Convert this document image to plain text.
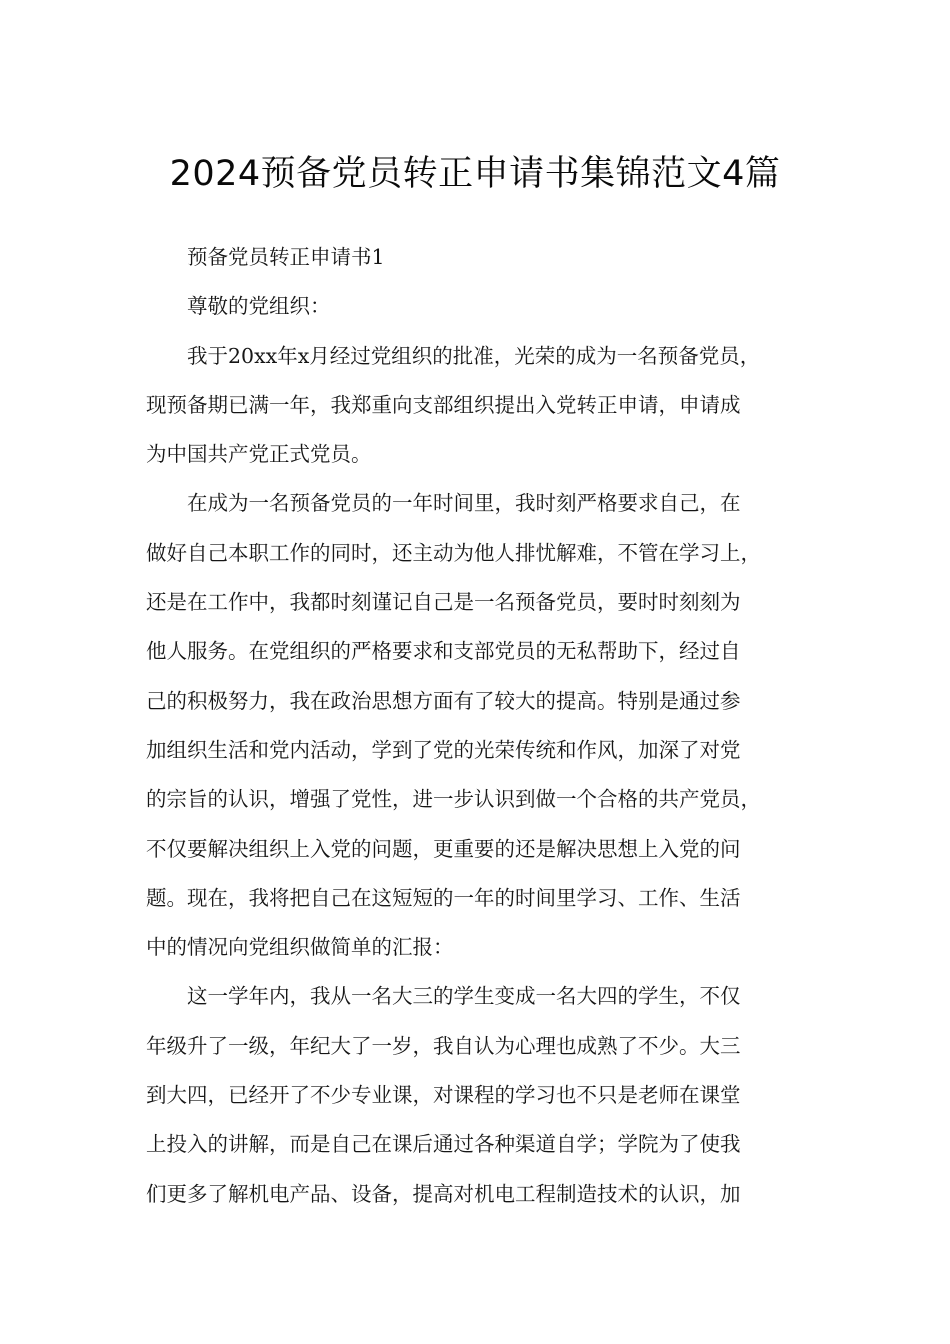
2024预备党员转正申请书集锦范文4篇
预备党员转正申请书1
尊敬的党组织：
我于20xx年x月经过党组织的批准，光荣的成为一名预备党员，
现预备期已满一年，我郑重向支部组织提出入党转正申请，申请成
为中国共产党正式党员。
在成为一名预备党员的一年时间里，我时刻严格要求自己，在
做好自己本职工作的同时，还主动为他人排忧解难，不管在学习上，
还是在工作中，我都时刻谨记自己是一名预备党员，要时时刻刻为
他人服务。在党组织的严格要求和支部党员的无私帮助下，经过自
己的积极努力，我在政治思想方面有了较大的提高。特别是通过参
加组织生活和党内活动，学到了党的光荣传统和作风，加深了对党
的宗旨的认识，增强了党性，进一步认识到做一个合格的共产党员，
不仅要解决组织上入党的问题，更重要的还是解决思想上入党的问
题。现在，我将把自己在这短短的一年的时间里学习、工作、生活
中的情况向党组织做简单的汇报：
这一学年内，我从一名大三的学生变成一名大四的学生，不仅
年级升了一级，年纪大了一岁，我自认为心理也成熟了不少。大三
到大四，已经开了不少专业课，对课程的学习也不只是老师在课堂
上投入的讲解，而是自己在课后通过各种渠道自学；学院为了使我
们更多了解机电产品、设备，提高对机电工程制造技术的认识，加
